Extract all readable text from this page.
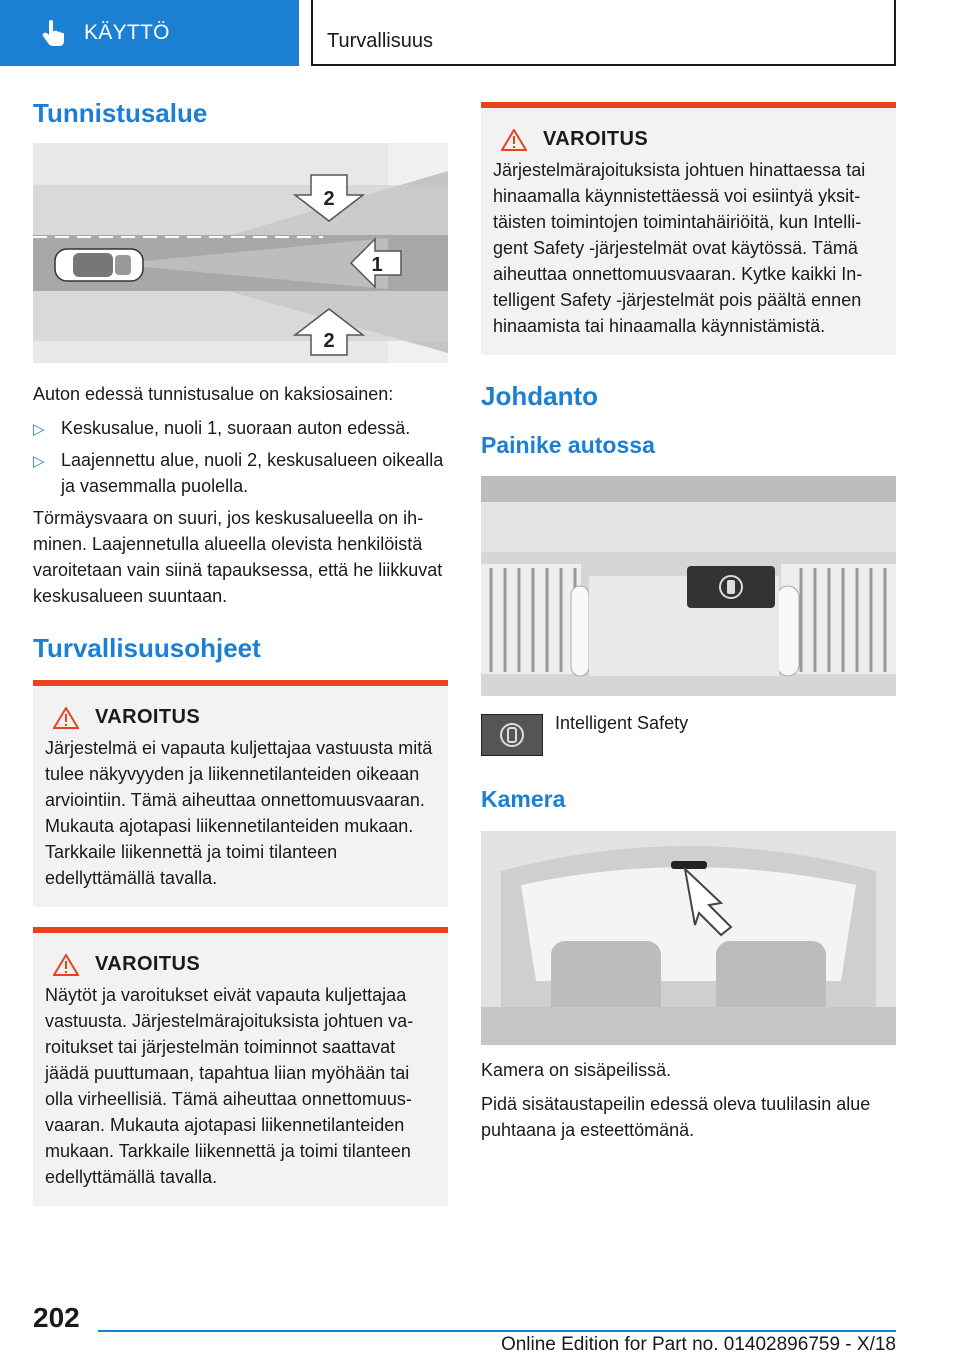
KÄYTTÖ	Turvallisuus
Tunnistusalue
2
1
2

Auton edessä tunnistusalue on kaksiosainen:

▷ Keskusalue, nuoli 1, suoraan auton edessä.
▷ Laajennettu alue, nuoli 2, keskusalueen oikealla ja vasemmalla puolella.

Törmäysvaara on suuri, jos keskusalueella on ihminen. Laajennetulla alueella olevista henkilöistä varoitetaan vain siinä tapauksessa, että he liikkuvat keskusalueen suuntaan.

Turvallisuusohjeet
VAROITUS

Järjestelmä ei vapauta kuljettajaa vastuusta mitä tulee näkyvyyden ja liikennetilanteiden oikeaan arviointiin. Tämä aiheuttaa onnettomuusvaaran. Mukauta ajotapasi liikennetilanteiden mukaan. Tarkkaile liikennettä ja toimi tilanteen edellyttämällä tavalla.

VAROITUS

Näytöt ja varoitukset eivät vapauta kuljettajaa vastuusta. Järjestelmärajoituksista johtuen varoitukset tai järjestelmän toiminnot saattavat jäädä puuttumaan, tapahtua liian myöhään tai olla virheellisiä. Tämä aiheuttaa onnettomuusvaaran. Mukauta ajotapasi liikennetilanteiden mukaan. Tarkkaile liikennettä ja toimi tilanteen edellyttämällä tavalla.

VAROITUS

Järjestelmärajoituksista johtuen hinattaessa tai hinaamalla käynnistettäessä voi esiintyä yksittäisten toimintojen toimintahäiriöitä, kun Intelligent Safety -järjestelmät ovat käytössä. Tämä aiheuttaa onnettomuusvaaran. Kytke kaikki Intelligent Safety -järjestelmät pois päältä ennen hinaamista tai hinaamalla käynnistämistä.

Johdanto
Painike autossa
Intelligent Safety
Kamera

Kamera on sisäpeilissä.

Pidä sisätaustapeilin edessä oleva tuulilasin alue puhtaana ja esteettömänä.

202
Online Edition for Part no. 01402896759 - X/18
